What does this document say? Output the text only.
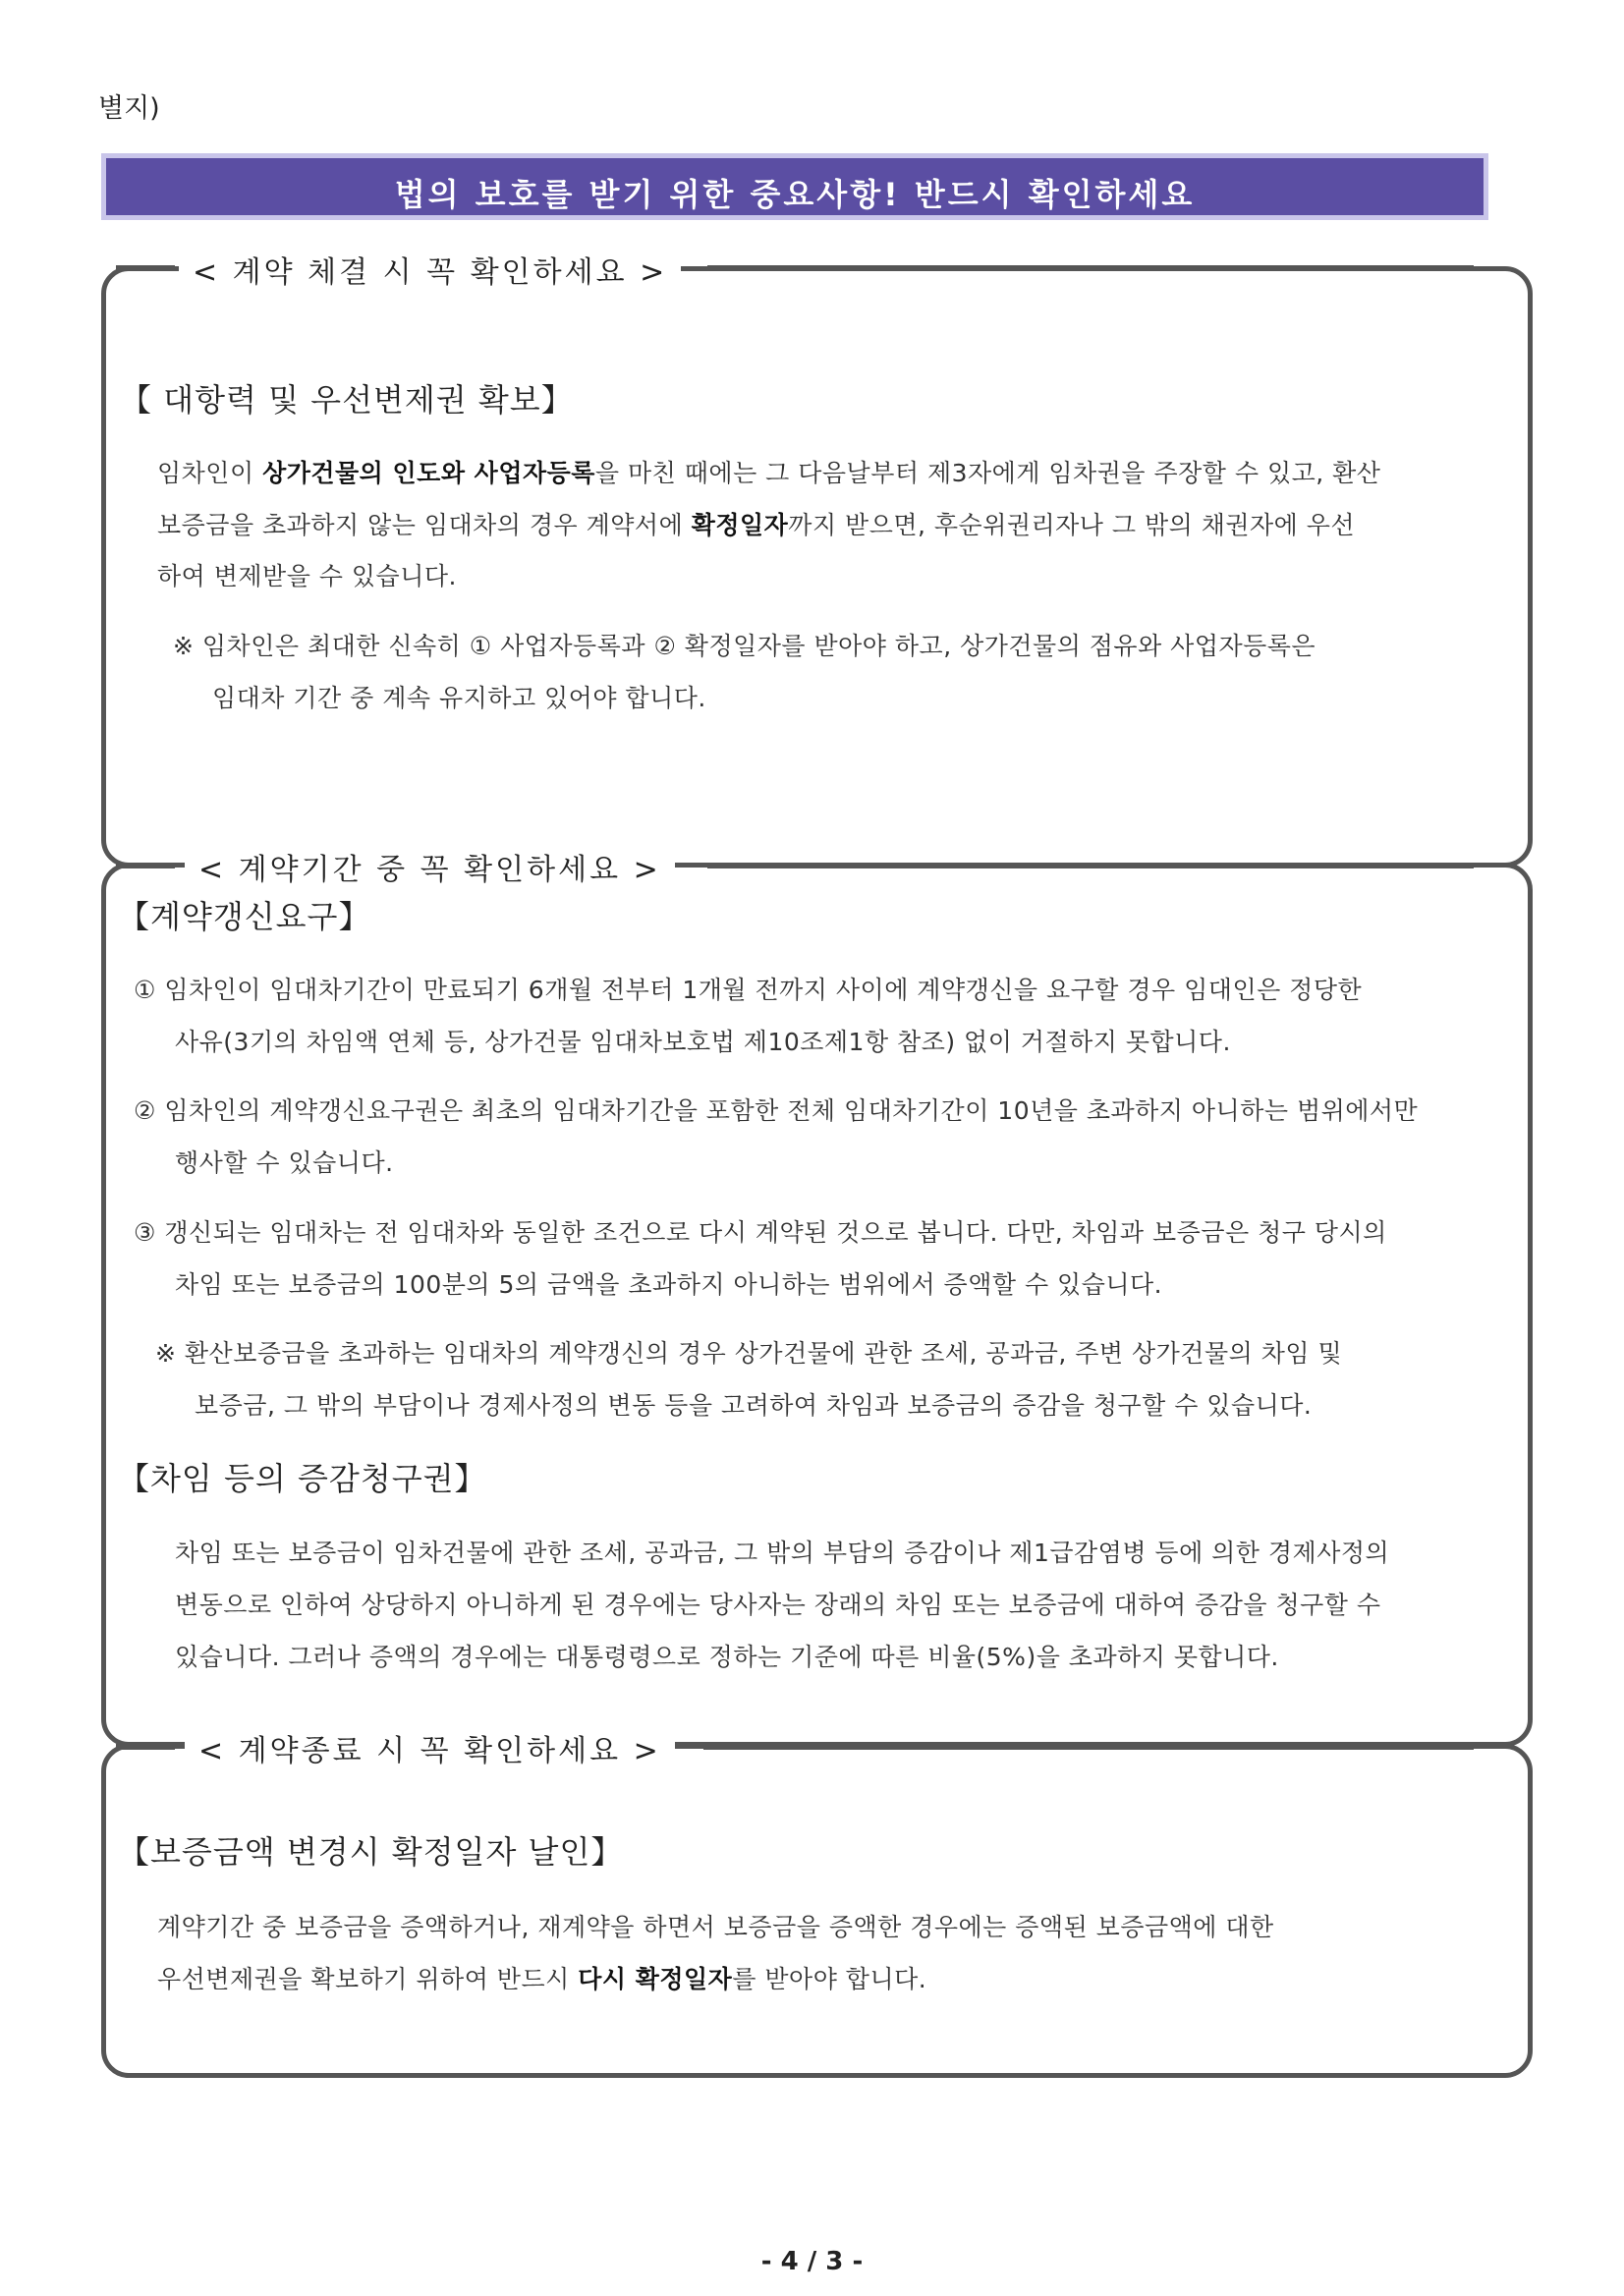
별지)
법의 보호를 받기 위한 중요사항! 반드시 확인하세요
< 계약 체결 시 꼭 확인하세요 >
【 대항력 및 우선변제권 확보】
임차인이 상가건물의 인도와 사업자등록을 마친 때에는 그 다음날부터 제3자에게 임차권을 주장할 수 있고, 환산
보증금을 초과하지 않는 임대차의 경우 계약서에 확정일자까지 받으면, 후순위권리자나 그 밖의 채권자에 우선
하여 변제받을 수 있습니다.
※ 임차인은 최대한 신속히 ① 사업자등록과 ② 확정일자를 받아야 하고, 상가건물의 점유와 사업자등록은
임대차 기간 중 계속 유지하고 있어야 합니다.
< 계약기간 중 꼭 확인하세요 >
【계약갱신요구】
① 임차인이 임대차기간이 만료되기 6개월 전부터 1개월 전까지 사이에 계약갱신을 요구할 경우 임대인은 정당한
사유(3기의 차임액 연체 등, 상가건물 임대차보호법 제10조제1항 참조) 없이 거절하지 못합니다.
② 임차인의 계약갱신요구권은 최초의 임대차기간을 포함한 전체 임대차기간이 10년을 초과하지 아니하는 범위에서만
행사할 수 있습니다.
③ 갱신되는 임대차는 전 임대차와 동일한 조건으로 다시 계약된 것으로 봅니다. 다만, 차임과 보증금은 청구 당시의
차임 또는 보증금의 100분의 5의 금액을 초과하지 아니하는 범위에서 증액할 수 있습니다.
※ 환산보증금을 초과하는 임대차의 계약갱신의 경우 상가건물에 관한 조세, 공과금, 주변 상가건물의 차임 및
보증금, 그 밖의 부담이나 경제사정의 변동 등을 고려하여 차임과 보증금의 증감을 청구할 수 있습니다.
【차임 등의 증감청구권】
차임 또는 보증금이 임차건물에 관한 조세, 공과금, 그 밖의 부담의 증감이나 제1급감염병 등에 의한 경제사정의
변동으로 인하여 상당하지 아니하게 된 경우에는 당사자는 장래의 차임 또는 보증금에 대하여 증감을 청구할 수
있습니다. 그러나 증액의 경우에는 대통령령으로 정하는 기준에 따른 비율(5%)을 초과하지 못합니다.
< 계약종료 시 꼭 확인하세요 >
【보증금액 변경시 확정일자 날인】
계약기간 중 보증금을 증액하거나, 재계약을 하면서 보증금을 증액한 경우에는 증액된 보증금액에 대한
우선변제권을 확보하기 위하여 반드시 다시 확정일자를 받아야 합니다.
- 4 / 3 -
